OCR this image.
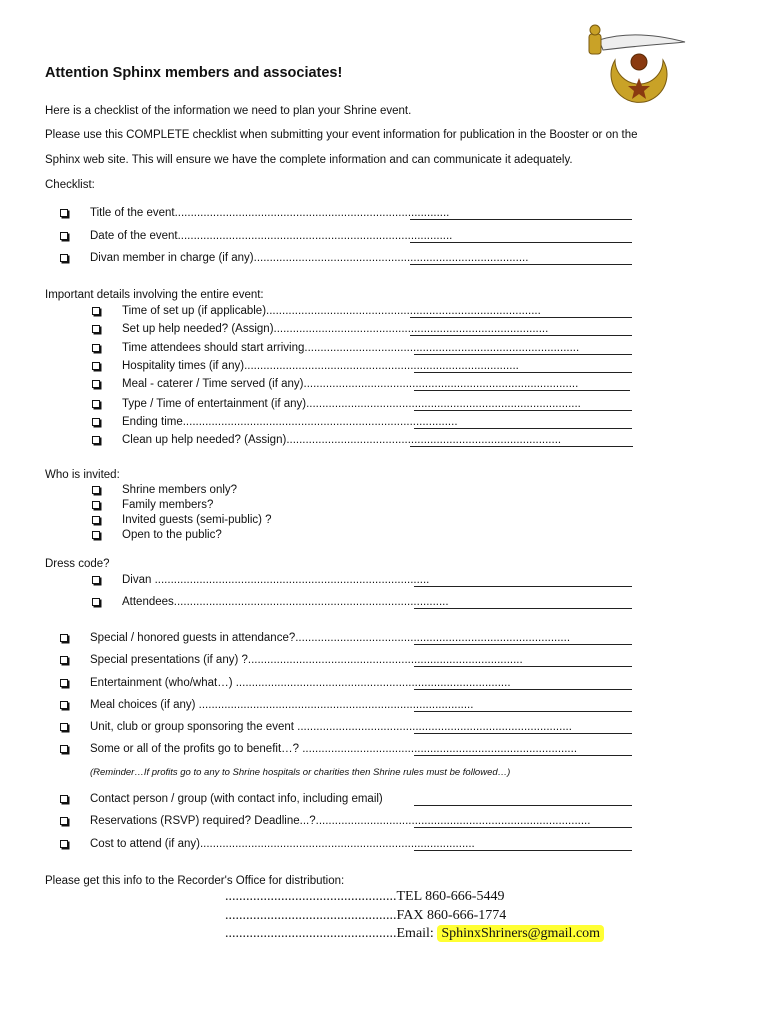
Attention Sphinx members and associates!
Here is a checklist of the information we need to plan your Shrine event.
Please use this COMPLETE checklist when submitting your event information for publication in the Booster or on the
Sphinx web site. This will ensure we have the complete information and can communicate it adequately.
Checklist:
Title of the event......................................................................................
Date of the event......................................................................................
Divan member in charge (if any)......................................................................................
Important details involving the entire event:
Time of set up (if applicable)......................................................................................
Set up help needed? (Assign)......................................................................................
Time attendees should start arriving......................................................................................
Hospitality times (if any)......................................................................................
Meal - caterer / Time served (if any)......................................................................................
Type / Time of entertainment (if any)......................................................................................
Ending time......................................................................................
Clean up help needed? (Assign)......................................................................................
Who is invited:
Shrine members only?
Family members?
Invited guests (semi-public) ?
Open to the public?
Dress code?
Divan ......................................................................................
Attendees......................................................................................
Special / honored guests in attendance?......................................................................................
Special presentations (if any) ?......................................................................................
Entertainment (who/what…) ......................................................................................
Meal choices (if any) ......................................................................................
Unit, club or group sponsoring the event ......................................................................................
Some or all of the profits go to benefit…? ......................................................................................
(Reminder…If profits go to any to Shrine hospitals or charities then Shrine rules must be followed…)
Contact person / group (with contact info, including email)
Reservations (RSVP) required? Deadline...?......................................................................................
Cost to attend (if any)......................................................................................
Please get this info to the Recorder's Office for distribution:
.................................................TEL 860-666-5449
.................................................FAX 860-666-1774
.................................................Email: SphinxShriners@gmail.com
